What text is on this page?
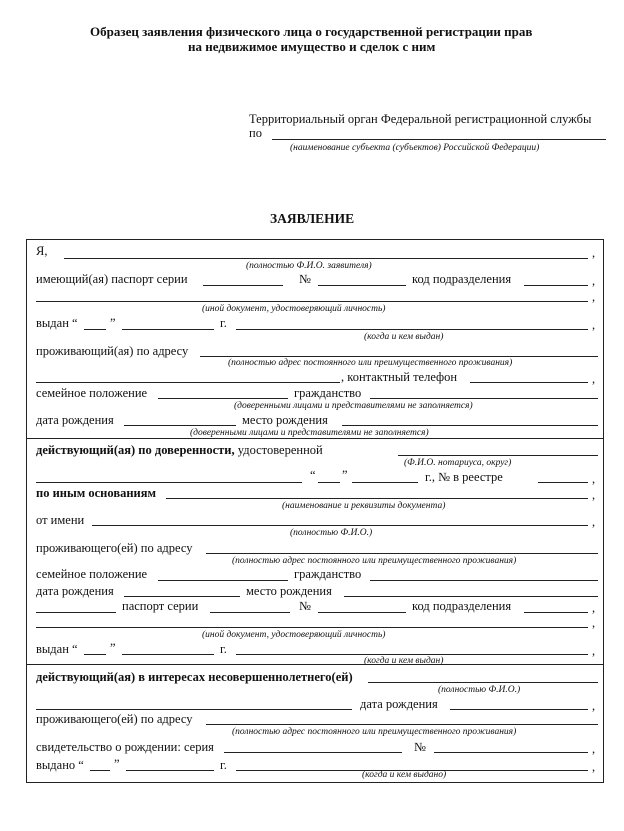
Образец заявления физического лица о государственной регистрации прав
на недвижимое имущество и сделок с ним
Территориальный орган Федеральной регистрационной службы
по
(наименование субъекта (субъектов) Российской Федерации)
ЗАЯВЛЕНИЕ
Я,	,
(полностью Ф.И.О. заявителя)
имеющий(ая) паспорт серии	№	код подразделения	,
,
(иной документ, удостоверяющий личность)
выдан “	”	г.	,
(когда и кем выдан)
проживающий(ая) по адресу
(полностью адрес постоянного или преимущественного проживания)
, контактный телефон	,
семейное положение	гражданство
(доверенными лицами и представителями не заполняется)
дата рождения	место рождения
(доверенными лицами и представителями не заполняется)
действующий(ая) по доверенности, удостоверенной
(Ф.И.О. нотариуса, округ)
“ ”	г., № в реестре	,
по иным основаниям	,
(наименование и реквизиты документа)
от имени	,
(полностью Ф.И.О.)
проживающего(ей) по адресу
(полностью адрес постоянного или преимущественного проживания)
семейное положение	гражданство
дата рождения	место рождения
паспорт серии	№	код подразделения	,
,
(иной документ, удостоверяющий личность)
выдан “	”	г.	,
(когда и кем выдан)
действующий(ая) в интересах несовершеннолетнего(ей)
(полностью Ф.И.О.)
дата рождения	,
проживающего(ей) по адресу
(полностью адрес постоянного или преимущественного проживания)
свидетельство о рождении: серия	№	,
выдано “ ”	г.	,
(когда и кем выдано)
